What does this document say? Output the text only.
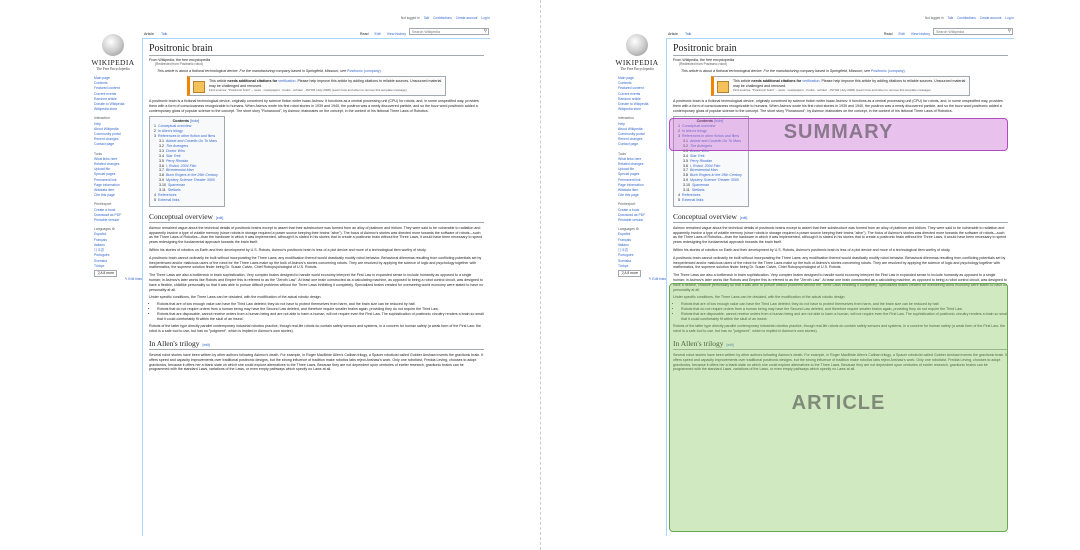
Not logged in Talk Contributions Create account Log in
WIKIPEDIA
The Free Encyclopedia
Main page
Contents
Featured content
Current events
Random article
Donate to Wikipedia
Wikipedia store
Interaction
Help
About Wikipedia
Community portal
Recent changes
Contact page
Tools
What links here
Related changes
Upload file
Special pages
Permanent link
Page information
Wikidata item
Cite this page
Print/export
Create a book
Download as PDF
Printable version
Languages ⚙
Español
Français
Italiano
日本語
Português
Svenska
Türkçe
文A 8 more
✎ Edit links
Article Talk	Read Edit View history	Search Wikipedia	⚲
Positronic brain
From Wikipedia, the free encyclopedia
(Redirected from Positronic robot)
This article is about a fictional technological device. For the manufacturing company based in Springfield, Missouri, see Positronic (company).
This article needs additional citations for verification. Please help improve this article by adding citations to reliable sources. Unsourced material may be challenged and removed.
Find sources: "Positronic brain" – news · newspapers · books · scholar · JSTOR (July 2008) (Learn how and when to remove this template message)
A positronic brain is a fictional technological device, originally conceived by science fiction writer Isaac Asimov. It functions as a central processing unit (CPU) for robots, and, in some unspecified way, provides them with a form of consciousness recognizable to humans. When Asimov wrote his first robot stories in 1939 and 1940, the positron was a newly discovered particle, and so the buzz word positronic added a contemporary gloss of popular science to the concept. The short story "Runaround", by Asimov, elaborates on the concept, in the context of his fictional Three Laws of Robotics.
Contents [hide]
1 Conceptual overview
2 In Allen's trilogy
3 References in other fiction and films
3.1 Abbott and Costello Go To Mars
3.2 The Avengers
3.3 Doctor Who
3.4 Star Trek
3.5 Perry Rhodan
3.6 I, Robot, 2004 Film
3.7 Bicentennial Man
3.8 Buck Rogers in the 25th Century
3.9 Mystery Science Theater 3000
3.10 Spaceman
3.11 Stellaris
4 References
5 External links
Conceptual overview [edit]
Asimov remained vague about the technical details of positronic brains except to assert that their substructure was formed from an alloy of platinum and iridium. They were said to be vulnerable to radiation and apparently involve a type of volatile memory (since robots in storage required a power source keeping their brains "alive"). The focus of Asimov's stories was directed more towards the software of robots—such as the Three Laws of Robotics—than the hardware in which it was implemented, although it is stated in his stories that to create a positronic brain without the Three Laws, it would have been necessary to spend years redesigning the fundamental approach towards the brain itself.
Within his stories of robotics on Earth and their development by U.S. Robots, Asimov's positronic brain is less of a plot device and more of a technological item worthy of study.
A positronic brain cannot ordinarily be built without incorporating the Three Laws; any modification thereof would drastically modify robot behavior. Behavioral dilemmas resulting from conflicting potentials set by inexperienced and/or malicious users of the robot for the Three Laws make up the bulk of Asimov's stories concerning robots. They are resolved by applying the science of logic and psychology together with mathematics, the supreme solution finder being Dr. Susan Calvin, Chief Robopsychologist of U.S. Robots.
The Three Laws are also a bottleneck in brain sophistication. Very complex brains designed to handle world economy interpret the First Law in expanded sense to include humanity as opposed to a single human; in Asimov's later works like Robots and Empire this is referred to as the "Zeroth Law". At least one brain constructed as a calculating machine, as opposed to being a robot control circuit, was designed to have a flexible, childlike personality so that it was able to pursue difficult problems without the Three Laws inhibiting it completely. Specialized brains created for overseeing world economy were stated to have no personality at all.
Under specific conditions, the Three Laws can be obviated, with the modification of the actual robotic design.
• Robots that are of low enough value can have the Third Law deleted; they do not have to protect themselves from harm, and the brain size can be reduced by half.
• Robots that do not require orders from a human being may have the Second Law deleted, and therefore require smaller brains again, providing they do not require the Third Law.
• Robots that are disposable, cannot receive orders from a human being and are not able to harm a human, will not require even the First Law. The sophistication of positronic circuitry renders a brain so small that it could comfortably fit within the skull of an insect.
Robots of the latter type directly parallel contemporary industrial robotics practice, though real-life robots do contain safety sensors and systems, in a concern for human safety (a weak form of the First Law: the robot is a safe tool to use, but has no "judgment", which is implied in Asimov's own stories).
In Allen's trilogy [edit]
Several robot stories have been written by other authors following Asimov's death. For example, in Roger MacBride Allen's Caliban trilogy, a Spacer roboticist called Gubber Anshaw invents the gravitonic brain. It offers speed and capacity improvements over traditional positronic designs, but the strong influence of tradition make robotics labs reject Anshaw's work. Only one roboticist, Fredda Leving, chooses to adopt gravitonics, because it offers her a blank slate on which she could explore alternatives to the Three Laws. Because they are not dependent upon centuries of earlier research, gravitonic brains can be programmed with the standard Laws, variations of the Laws, or even empty pathways which specify no Laws at all.
Not logged in Talk Contributions Create account Log in
WIKIPEDIA
The Free Encyclopedia
Main page
Contents
Featured content
Current events
Random article
Donate to Wikipedia
Wikipedia store
Interaction
Help
About Wikipedia
Community portal
Recent changes
Contact page
Tools
What links here
Related changes
Upload file
Special pages
Permanent link
Page information
Wikidata item
Cite this page
Print/export
Create a book
Download as PDF
Printable version
Languages ⚙
Español
Français
Italiano
日本語
Português
Svenska
Türkçe
文A 8 more
✎ Edit links
Article Talk	Read Edit View history	Search Wikipedia	⚲
Positronic brain
From Wikipedia, the free encyclopedia
(Redirected from Positronic robot)
This article is about a fictional technological device. For the manufacturing company based in Springfield, Missouri, see Positronic (company).
This article needs additional citations for verification. Please help improve this article by adding citations to reliable sources. Unsourced material may be challenged and removed.
Find sources: "Positronic brain" – news · newspapers · books · scholar · JSTOR (July 2008) (Learn how and when to remove this template message)
A positronic brain is a fictional technological device, originally conceived by science fiction writer Isaac Asimov. It functions as a central processing unit (CPU) for robots, and, in some unspecified way, provides them with a form of consciousness recognizable to humans. When Asimov wrote his first robot stories in 1939 and 1940, the positron was a newly discovered particle, and so the buzz word positronic added a contemporary gloss of popular science to the concept. The short story "Runaround", by Asimov, elaborates on the concept, in the context of his fictional Three Laws of Robotics.
Contents [hide]
1 Conceptual overview
2 In Allen's trilogy
3 References in other fiction and films
3.1 Abbott and Costello Go To Mars
3.2 The Avengers
3.3 Doctor Who
3.4 Star Trek
3.5 Perry Rhodan
3.6 I, Robot, 2004 Film
3.7 Bicentennial Man
3.8 Buck Rogers in the 25th Century
3.9 Mystery Science Theater 3000
3.10 Spaceman
3.11 Stellaris
4 References
5 External links
Conceptual overview [edit]
Asimov remained vague about the technical details of positronic brains except to assert that their substructure was formed from an alloy of platinum and iridium. They were said to be vulnerable to radiation and apparently involve a type of volatile memory (since robots in storage required a power source keeping their brains "alive"). The focus of Asimov's stories was directed more towards the software of robots—such as the Three Laws of Robotics—than the hardware in which it was implemented, although it is stated in his stories that to create a positronic brain without the Three Laws, it would have been necessary to spend years redesigning the fundamental approach towards the brain itself.
Within his stories of robotics on Earth and their development by U.S. Robots, Asimov's positronic brain is less of a plot device and more of a technological item worthy of study.
A positronic brain cannot ordinarily be built without incorporating the Three Laws; any modification thereof would drastically modify robot behavior. Behavioral dilemmas resulting from conflicting potentials set by inexperienced and/or malicious users of the robot for the Three Laws make up the bulk of Asimov's stories concerning robots. They are resolved by applying the science of logic and psychology together with mathematics, the supreme solution finder being Dr. Susan Calvin, Chief Robopsychologist of U.S. Robots.
The Three Laws are also a bottleneck in brain sophistication. Very complex brains designed to handle world economy interpret the First Law in expanded sense to include humanity as opposed to a single human; in Asimov's later works like Robots and Empire this is referred to as the "Zeroth Law". At least one brain constructed as a calculating machine, as opposed to being a robot control circuit, was designed to have a flexible, childlike personality so that it was able to pursue difficult problems without the Three Laws inhibiting it completely. Specialized brains created for overseeing world economy were stated to have no personality at all.
Under specific conditions, the Three Laws can be obviated, with the modification of the actual robotic design.
• Robots that are of low enough value can have the Third Law deleted; they do not have to protect themselves from harm, and the brain size can be reduced by half.
• Robots that do not require orders from a human being may have the Second Law deleted, and therefore require smaller brains again, providing they do not require the Third Law.
• Robots that are disposable, cannot receive orders from a human being and are not able to harm a human, will not require even the First Law. The sophistication of positronic circuitry renders a brain so small that it could comfortably fit within the skull of an insect.
Robots of the latter type directly parallel contemporary industrial robotics practice, though real-life robots do contain safety sensors and systems, in a concern for human safety (a weak form of the First Law: the robot is a safe tool to use, but has no "judgment", which is implied in Asimov's own stories).
In Allen's trilogy [edit]
Several robot stories have been written by other authors following Asimov's death. For example, in Roger MacBride Allen's Caliban trilogy, a Spacer roboticist called Gubber Anshaw invents the gravitonic brain. It offers speed and capacity improvements over traditional positronic designs, but the strong influence of tradition make robotics labs reject Anshaw's work. Only one roboticist, Fredda Leving, chooses to adopt gravitonics, because it offers her a blank slate on which she could explore alternatives to the Three Laws. Because they are not dependent upon centuries of earlier research, gravitonic brains can be programmed with the standard Laws, variations of the Laws, or even empty pathways which specify no Laws at all.
SUMMARY
ARTICLE
